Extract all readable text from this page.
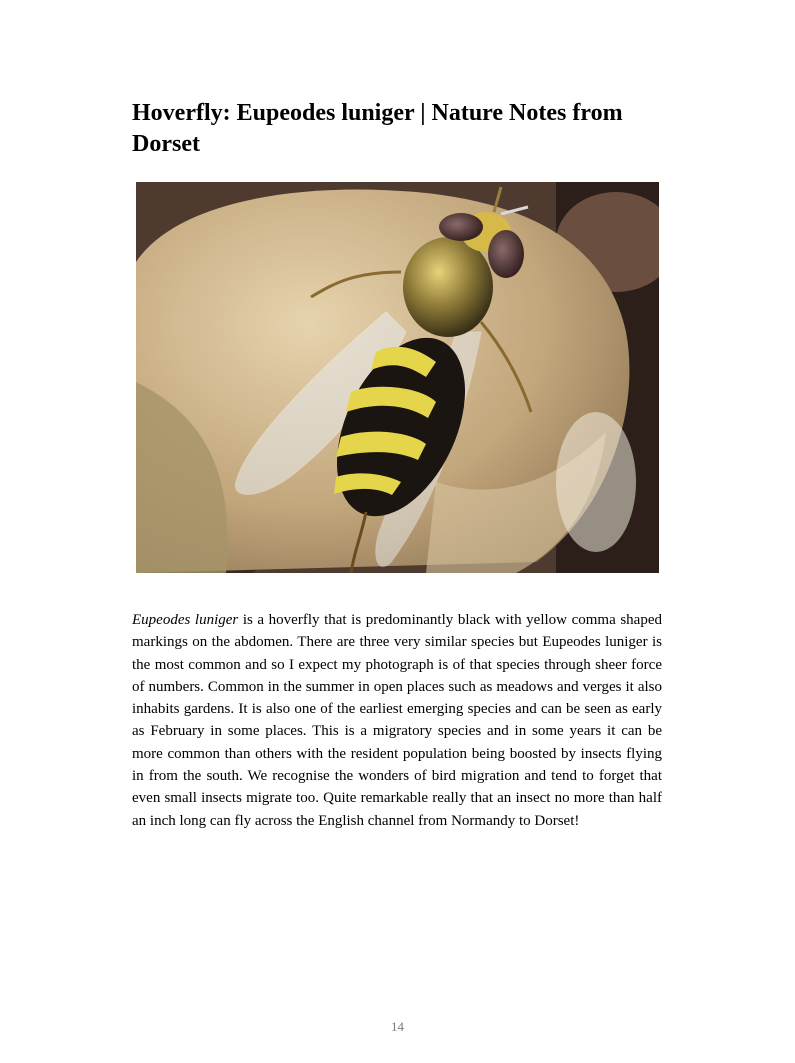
Hoverfly: Eupeodes luniger | Nature Notes from Dorset

Eupeodes luniger is a hoverfly that is predominantly black with yellow comma shaped markings on the abdomen. There are three very similar species but Eupeodes luniger is the most common and so I expect my photograph is of that species through sheer force of numbers. Common in the summer in open places such as meadows and verges it also inhabits gardens. It is also one of the earliest emerging species and can be seen as early as February in some places. This is a migratory species and in some years it can be more common than others with the resident population being boosted by insects flying in from the south. We recognise the wonders of bird migration and tend to forget that even small insects migrate too. Quite remarkable really that an insect no more than half an inch long can fly across the English channel from Normandy to Dorset!

14
